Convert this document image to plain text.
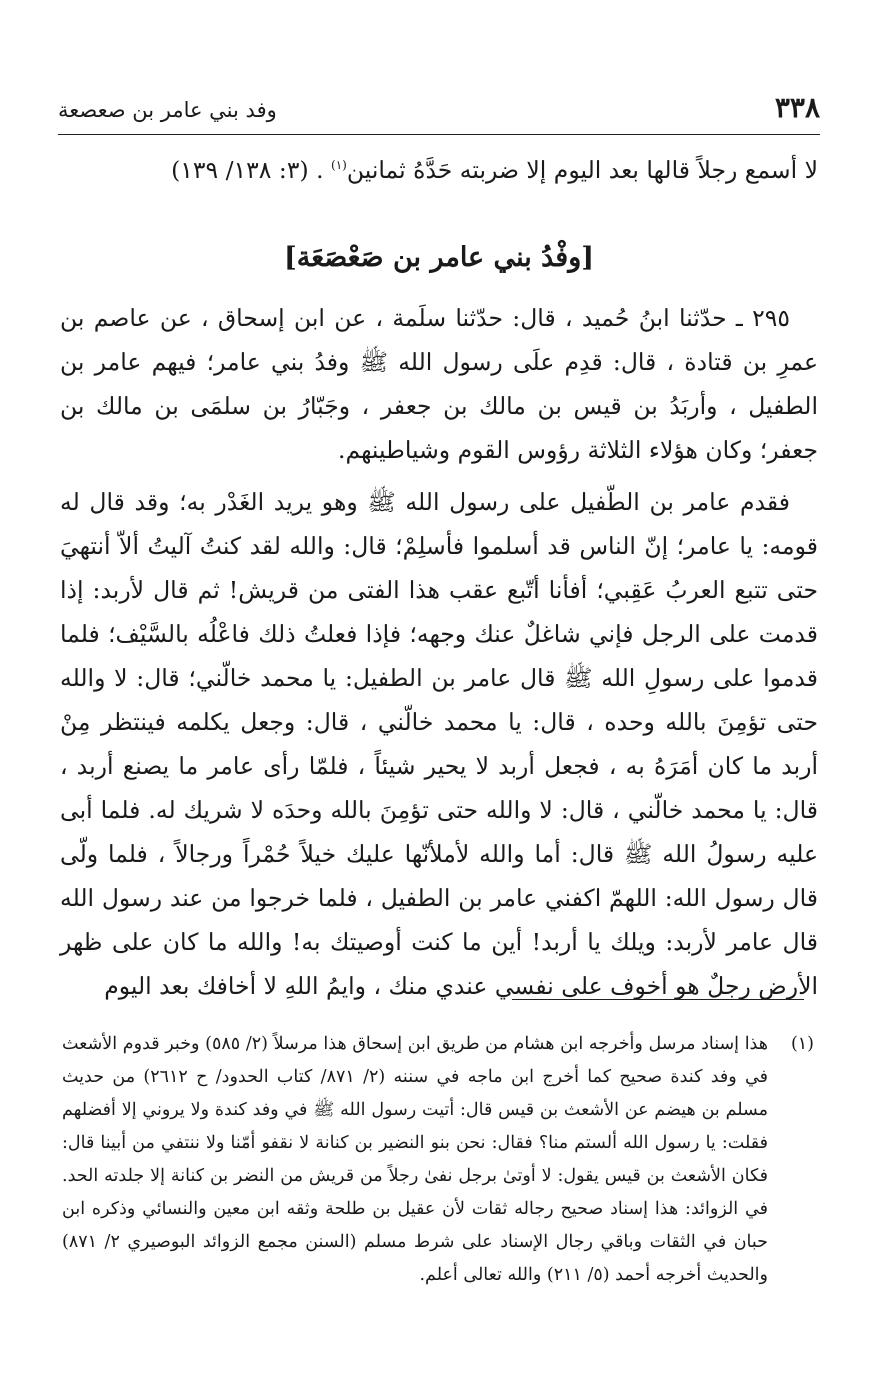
٣٣٨
وفد بني عامر بن صعصعة

لا أسمع رجلاً قالها بعد اليوم إلا ضربته حَدَّهُ ثمانين$^{(١)}$ . (٣: ١٣٨/ ١٣٩)

[وفْدُ بني عامر بن صَعْصَعَة]

٢٩٥ ـ حدّثنا ابنُ حُميد ، قال: حدّثنا سلَمة ، عن ابن إسحاق ، عن عاصم بن عمرِ بن قتادة ، قال: قدِم علَى رسول الله ﷺ وفدُ بني عامر؛ فيهم عامر بن الطفيل ، وأربَدُ بن قيس بن مالك بن جعفر ، وجَبّارُ بن سلمَى بن مالك بن جعفر؛ وكان هؤلاء الثلاثة رؤوس القوم وشياطينهم.

فقدم عامر بن الطّفيل على رسول الله ﷺ وهو يريد الغَدْر به؛ وقد قال له قومه: يا عامر؛ إنّ الناس قد أسلموا فأسلِمْ؛ قال: والله لقد كنتُ آليتُ ألاّ أنتهيَ حتى تتبع العربُ عَقِبي؛ أفأنا أتّبع عقب هذا الفتى من قريش! ثم قال لأربد: إذا قدمت على الرجل فإني شاغلٌ عنك وجهه؛ فإذا فعلتُ ذلك فاعْلُه بالسَّيْف؛ فلما قدموا على رسولِ الله ﷺ قال عامر بن الطفيل: يا محمد خالّني؛ قال: لا والله حتى تؤمِنَ بالله وحده ، قال: يا محمد خالّني ، قال: وجعل يكلمه فينتظر مِنْ أربد ما كان أمَرَهُ به ، فجعل أربد لا يحير شيئاً ، فلمّا رأى عامر ما يصنع أربد ، قال: يا محمد خالّني ، قال: لا والله حتى تؤمِنَ بالله وحدَه لا شريك له. فلما أبى عليه رسولُ الله ﷺ قال: أما والله لأملأنّها عليك خيلاً حُمْراً ورجالاً ، فلما ولّى قال رسول الله: اللهمّ اكفني عامر بن الطفيل ، فلما خرجوا من عند رسول الله قال عامر لأربد: ويلك يا أربد! أين ما كنت أوصيتك به! والله ما كان على ظهر الأرض رجلٌ هو أخوف على نفسي عندي منك ، وايمُ اللهِ لا أخافك بعد اليوم

(١)
هذا إسناد مرسل وأخرجه ابن هشام من طريق ابن إسحاق هذا مرسلاً (٢/ ٥٨٥) وخبر قدوم الأشعث في وفد كندة صحيح كما أخرج ابن ماجه في سننه (٢/ ٨٧١/ كتاب الحدود/ ح ٢٦١٢) من حديث مسلم بن هيضم عن الأشعث بن قيس قال: أتيت رسول الله ﷺ في وفد كندة ولا يروني إلا أفضلهم فقلت: يا رسول الله ألستم منا؟ فقال: نحن بنو النضير بن كنانة لا نقفو أمّنا ولا ننتفي من أبينا قال: فكان الأشعث بن قيس يقول: لا أوتىٰ برجل نفىٰ رجلاً من قريش من النضر بن كنانة إلا جلدته الحد. في الزوائد: هذا إسناد صحيح رجاله ثقات لأن عقيل بن طلحة وثقه ابن معين والنسائي وذكره ابن حبان في الثقات وباقي رجال الإسناد على شرط مسلم (السنن مجمع الزوائد البوصيري ٢/ ٨٧١) والحديث أخرجه أحمد (٥/ ٢١١) والله تعالى أعلم.
